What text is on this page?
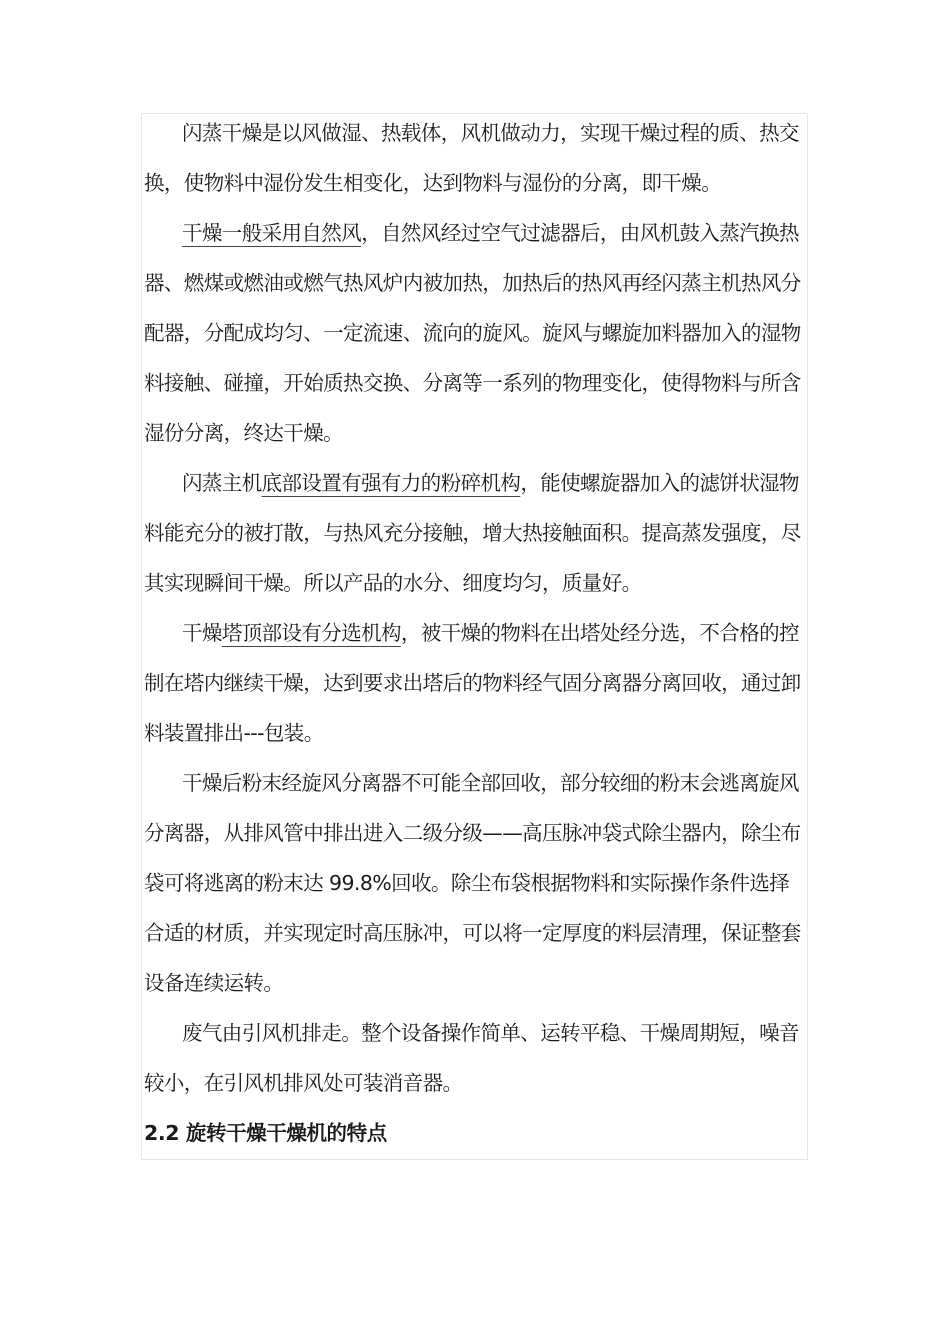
闪蒸干燥是以风做湿、热载体，风机做动力，实现干燥过程的质、热交换，使物料中湿份发生相变化，达到物料与湿份的分离，即干燥。

干燥一般采用自然风，自然风经过空气过滤器后，由风机鼓入蒸汽换热器、燃煤或燃油或燃气热风炉内被加热，加热后的热风再经闪蒸主机热风分配器，分配成均匀、一定流速、流向的旋风。旋风与螺旋加料器加入的湿物料接触、碰撞，开始质热交换、分离等一系列的物理变化，使得物料与所含湿份分离，终达干燥。

闪蒸主机底部设置有强有力的粉碎机构，能使螺旋器加入的滤饼状湿物料能充分的被打散，与热风充分接触，增大热接触面积。提高蒸发强度，尽其实现瞬间干燥。所以产品的水分、细度均匀，质量好。

干燥塔顶部设有分选机构，被干燥的物料在出塔处经分选，不合格的控制在塔内继续干燥，达到要求出塔后的物料经气固分离器分离回收，通过卸料装置排出---包装。

干燥后粉末经旋风分离器不可能全部回收，部分较细的粉末会逃离旋风分离器，从排风管中排出进入二级分级——高压脉冲袋式除尘器内，除尘布袋可将逃离的粉末达 99.8%回收。除尘布袋根据物料和实际操作条件选择合适的材质，并实现定时高压脉冲，可以将一定厚度的料层清理，保证整套设备连续运转。

废气由引风机排走。整个设备操作简单、运转平稳、干燥周期短，噪音较小，在引风机排风处可装消音器。

2.2 旋转干燥干燥机的特点
